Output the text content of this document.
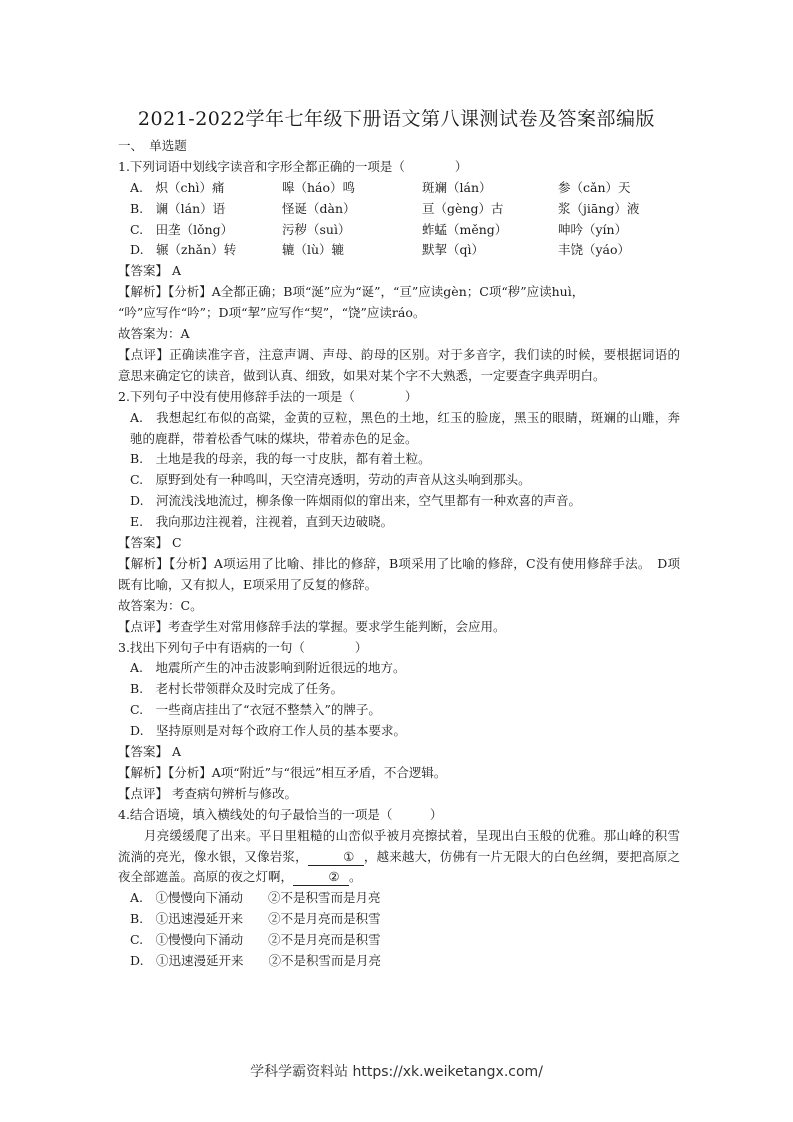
2021-2022学年七年级下册语文第八课测试卷及答案部编版
一、　单选题
1.下列词语中划线字读音和字形全都正确的一项是（　　　　）
A.　炽（chì）痛	嗥（háo）鸣	斑斓（lán）	参（cǎn）天
B.　谰（lán）语	怪诞（dàn）	亘（gèng）古	浆（jiāng）液
C.　田垄（lǒng）	污秽（suì）	蚱蜢（měng）	呻吟（yín）
D.　辗（zhǎn）转	辘（lù）辘	默挈（qì）	丰饶（yáo）
【答案】 A
【解析】【分析】A全都正确；B项“涎”应为“诞”，“亘”应读gèn；C项“秽”应读huì，
“吟”应写作“吟”；D项“挈”应写作“契”，“饶”应读ráo。
故答案为：A
【点评】正确读准字音，注意声调、声母、韵母的区别。对于多音字，我们读的时候，要根据词语的意思来确定它的读音，做到认真、细致，如果对某个字不大熟悉，一定要查字典弄明白。
2.下列句子中没有使用修辞手法的一项是（　　　　）
A.　我想起红布似的高粱，金黄的豆粒，黑色的土地，红玉的脸庞，黑玉的眼睛，斑斓的山雕，奔驰的鹿群，带着松香气味的煤块，带着赤色的足金。
B.　土地是我的母亲，我的每一寸皮肤，都有着土粒。
C.　原野到处有一种鸣叫，天空清亮透明，劳动的声音从这头响到那头。
D.　河流浅浅地流过，柳条像一阵烟雨似的窜出来，空气里都有一种欢喜的声音。
E.　我向那边注视着，注视着，直到天边破晓。
【答案】 C
【解析】【分析】A项运用了比喻、排比的修辞，B项采用了比喻的修辞，C没有使用修辞手法。　D项既有比喻，又有拟人，E项采用了反复的修辞。
故答案为：C。
【点评】考查学生对常用修辞手法的掌握。要求学生能判断，会应用。
3.找出下列句子中有语病的一句（　　　　）
A.　地震所产生的冲击波影响到附近很远的地方。
B.　老村长带领群众及时完成了任务。
C.　一些商店挂出了“衣冠不整禁入”的牌子。
D.　坚持原则是对每个政府工作人员的基本要求。
【答案】 A
【解析】【分析】A项“附近”与“很远”相互矛盾，不合逻辑。
【点评】 考查病句辨析与修改。
4.结合语境，填入横线处的句子最恰当的一项是（　　　）
月亮缓缓爬了出来。平日里粗糙的山峦似乎被月亮擦拭着，呈现出白玉般的优雅。那山峰的积雪流淌的亮光，像水银，又像岩浆，	① ，越来越大，仿佛有一片无限大的白色丝绸，要把高原之夜全部遮盖。高原的夜之灯啊，	② 。
A.　①慢慢向下涌动　　②不是积雪而是月亮
B.　①迅速漫延开来　　②不是月亮而是积雪
C.　①慢慢向下涌动　　②不是月亮而是积雪
D.　①迅速漫延开来　　②不是积雪而是月亮
学科学霸资料站 https://xk.weiketangx.com/
